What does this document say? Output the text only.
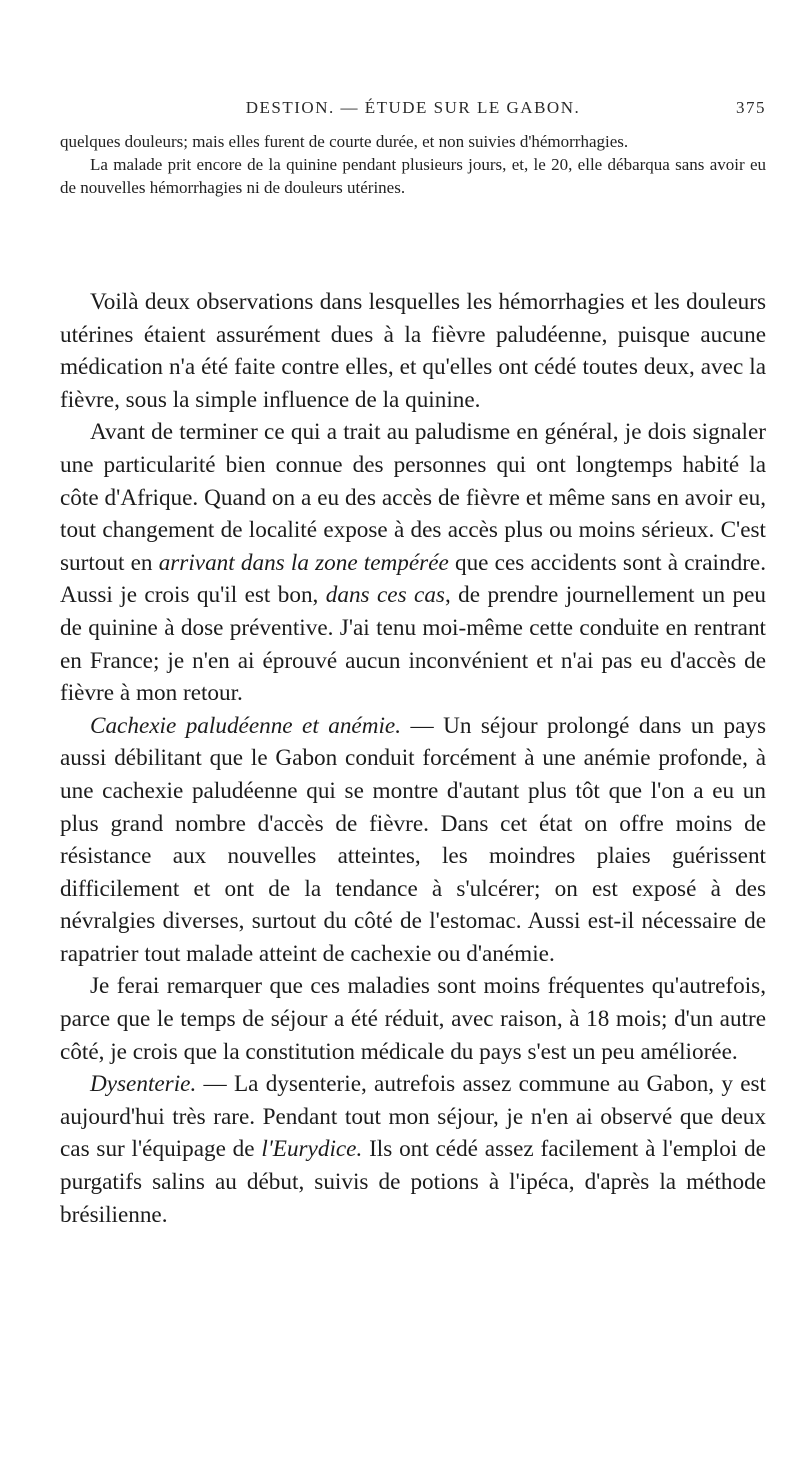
DESTION. — ÉTUDE SUR LE GABON.	375

quelques douleurs; mais elles furent de courte durée, et non suivies d'hémorrhagies.

La malade prit encore de la quinine pendant plusieurs jours, et, le 20, elle débarqua sans avoir eu de nouvelles hémorrhagies ni de douleurs utérines.

Voilà deux observations dans lesquelles les hémorrhagies et les douleurs utérines étaient assurément dues à la fièvre paludéenne, puisque aucune médication n'a été faite contre elles, et qu'elles ont cédé toutes deux, avec la fièvre, sous la simple influence de la quinine.

Avant de terminer ce qui a trait au paludisme en général, je dois signaler une particularité bien connue des personnes qui ont longtemps habité la côte d'Afrique. Quand on a eu des accès de fièvre et même sans en avoir eu, tout changement de localité expose à des accès plus ou moins sérieux. C'est surtout en arrivant dans la zone tempérée que ces accidents sont à craindre. Aussi je crois qu'il est bon, dans ces cas, de prendre journellement un peu de quinine à dose préventive. J'ai tenu moi-même cette conduite en rentrant en France; je n'en ai éprouvé aucun inconvénient et n'ai pas eu d'accès de fièvre à mon retour.

Cachexie paludéenne et anémie. — Un séjour prolongé dans un pays aussi débilitant que le Gabon conduit forcément à une anémie profonde, à une cachexie paludéenne qui se montre d'autant plus tôt que l'on a eu un plus grand nombre d'accès de fièvre. Dans cet état on offre moins de résistance aux nouvelles atteintes, les moindres plaies guérissent difficilement et ont de la tendance à s'ulcérer; on est exposé à des névralgies diverses, surtout du côté de l'estomac. Aussi est-il nécessaire de rapatrier tout malade atteint de cachexie ou d'anémie.

Je ferai remarquer que ces maladies sont moins fréquentes qu'autrefois, parce que le temps de séjour a été réduit, avec raison, à 18 mois; d'un autre côté, je crois que la constitution médicale du pays s'est un peu améliorée.

Dysenterie. — La dysenterie, autrefois assez commune au Gabon, y est aujourd'hui très rare. Pendant tout mon séjour, je n'en ai observé que deux cas sur l'équipage de l'Eurydice. Ils ont cédé assez facilement à l'emploi de purgatifs salins au début, suivis de potions à l'ipéca, d'après la méthode brésilienne.
